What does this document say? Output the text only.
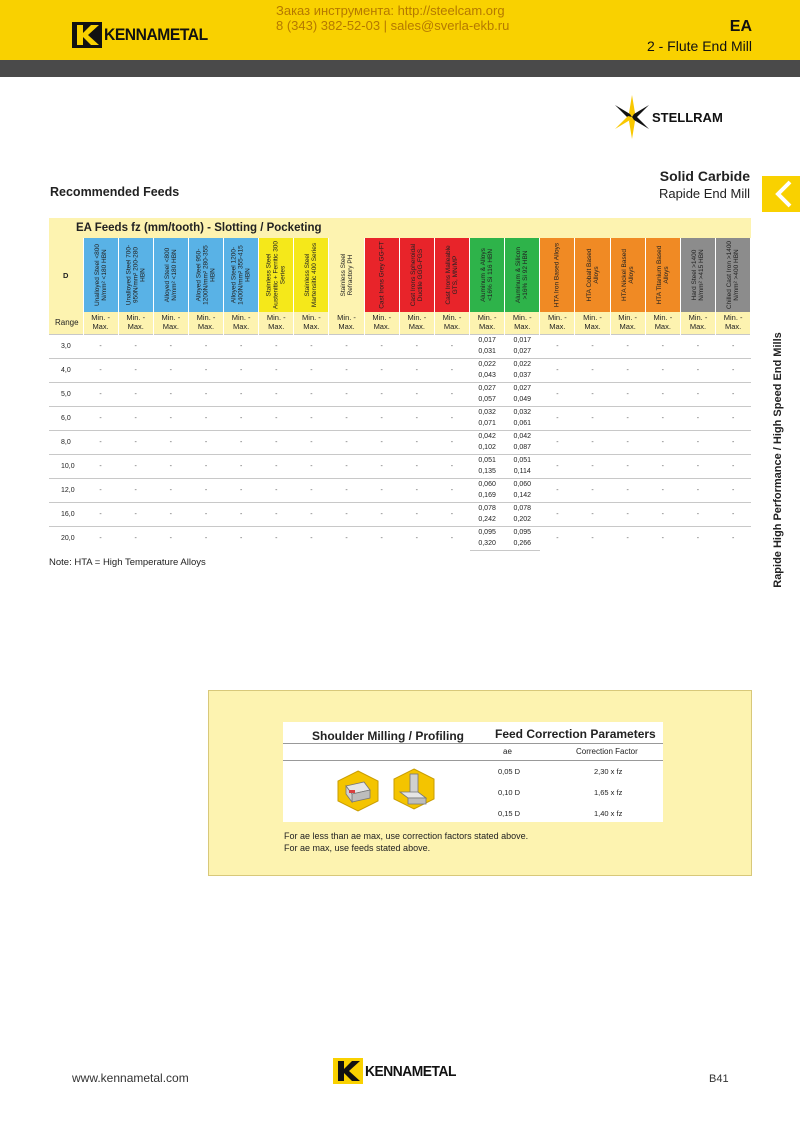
KENNAMETAL
Заказ инструмента: http://steelcam.org
8 (343) 382-52-03 | sales@sverla-ekb.ru	EA
2 - Flute End Mill
STELLRAM
Recommended Feeds
Solid Carbide
Rapide End Mill
Rapide High Performance / High Speed End Mills
EA Feeds fz (mm/tooth) - Slotting / Pocketing																			
D	Unalloyed Steel <800 N/mm² <180 HBN	Unalloyed Steel 700-950N/mm² 200-280 HBN	Alloyed Steel <800 N/mm² <180 HBN	Alloyed Steel 950-1200N/mm² 280-355 HBN	Alloyed Steel 1200-1400N/mm² 355-415 HBN	Stainless Steel Austenitic + Ferritic 300 Series	Stainless Steel Martensitic 400 Series	Stainless Steel Refractory PH	Cast Irons Grey GG-FT	Cast Irons Spheroidal Ductile GGG-FGS	Cast Irons Malleable GTS, MN/MP	Aluminum & Alloys <16% Si 116 HBN	Aluminum & Silicon >16% Si 92 HBN	HTA Iron Based Alloys	HTA Cobalt Based Alloys	HTA Nickel Based Alloys	HTA Titanium Based Alloys	Hard Steel >1400 N/mm² >415 HBN	Chilled Cast Iron >1400 N/mm² >400 HBN

Range	Min. - Max.	Min. - Max.	Min. - Max.	Min. - Max.	Min. - Max.	Min. - Max.	Min. - Max.	Min. - Max.	Min. - Max.	Min. - Max.	Min. - Max.	Min. - Max.	Min. - Max.	Min. - Max.	Min. - Max.	Min. - Max.	Min. - Max.	Min. - Max.	Min. - Max.
3,0	-	-	-	-	-	-	-	-	-	-	-	0,017	0,017	-	-	-	-	-	-
												0,031	0,027						
4,0	-	-	-	-	-	-	-	-	-	-	-	0,022	0,022	-	-	-	-	-	-
												0,043	0,037						
5,0	-	-	-	-	-	-	-	-	-	-	-	0,027	0,027	-	-	-	-	-	-
												0,057	0,049						
6,0	-	-	-	-	-	-	-	-	-	-	-	0,032	0,032	-	-	-	-	-	-
												0,071	0,061						
8,0	-	-	-	-	-	-	-	-	-	-	-	0,042	0,042	-	-	-	-	-	-
												0,102	0,087						
10,0	-	-	-	-	-	-	-	-	-	-	-	0,051	0,051	-	-	-	-	-	-
												0,135	0,114						
12,0	-	-	-	-	-	-	-	-	-	-	-	0,060	0,060	-	-	-	-	-	-
												0,169	0,142						
16,0	-	-	-	-	-	-	-	-	-	-	-	0,078	0,078	-	-	-	-	-	-
												0,242	0,202						
20,0	-	-	-	-	-	-	-	-	-	-	-	0,095	0,095	-	-	-	-	-	-
												0,320	0,266						
Note: HTA = High Temperature Alloys
Shoulder Milling / Profiling	Feed Correction Parameters
ae	Correction Factor
0,05 D	2,30 x fz
0,10 D	1,65 x fz
0,15 D	1,40 x fz
For ae less than ae max, use correction factors stated above.
For ae max, use feeds stated above.
www.kennametal.com	KENNAMETAL	B41
